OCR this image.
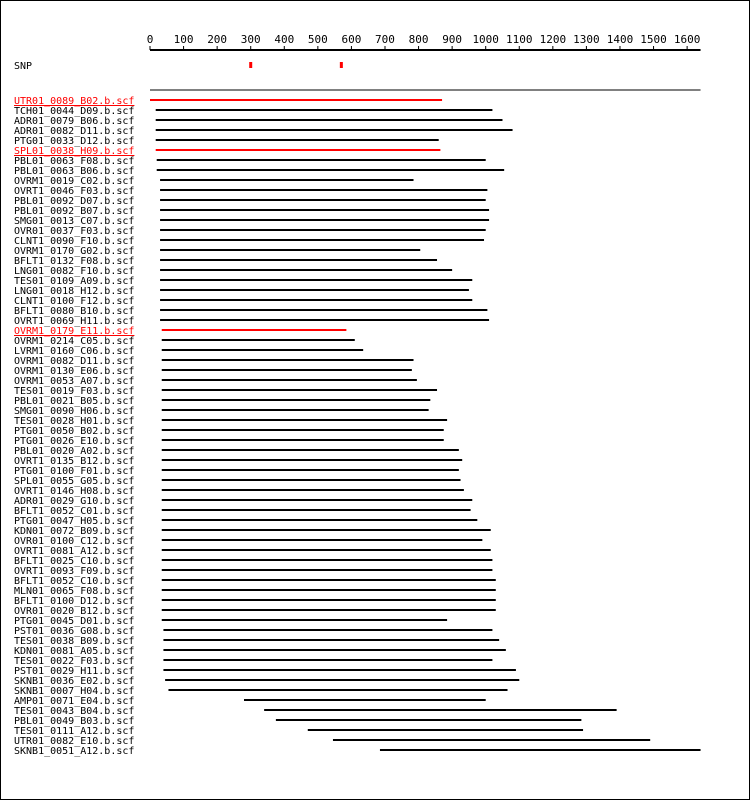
0 100 200 300 400 500 600 700 800 900 1000 1100 1200 1300 1400 1500 1600
SNP
UTR01_0089_B02.b.scf
TCH01_0044_D09.b.scf
ADR01_0079_B06.b.scf
ADR01_0082_D11.b.scf
PTG01_0033_D12.b.scf
SPL01_0038_H09.b.scf
PBL01_0063_F08.b.scf
PBL01_0063_B06.b.scf
OVRM1_0019_C02.b.scf
OVRT1_0046_F03.b.scf
PBL01_0092_D07.b.scf
PBL01_0092_B07.b.scf
SMG01_0013_C07.b.scf
OVR01_0037_F03.b.scf
CLNT1_0090_F10.b.scf
OVRM1_0170_G02.b.scf
BFLT1_0132_F08.b.scf
LNG01_0082_F10.b.scf
TES01_0109_A09.b.scf
LNG01_0018_H12.b.scf
CLNT1_0100_F12.b.scf
BFLT1_0080_B10.b.scf
OVRT1_0069_H11.b.scf
OVRM1_0179_E11.b.scf
OVRM1_0214_C05.b.scf
LVRM1_0160_C06.b.scf
OVRM1_0082_D11.b.scf
OVRM1_0130_E06.b.scf
OVRM1_0053_A07.b.scf
TES01_0019_F03.b.scf
PBL01_0021_B05.b.scf
SMG01_0090_H06.b.scf
TES01_0028_H01.b.scf
PTG01_0050_B02.b.scf
PTG01_0026_E10.b.scf
PBL01_0020_A02.b.scf
OVRT1_0135_B12.b.scf
PTG01_0100_F01.b.scf
SPL01_0055_G05.b.scf
OVRT1_0146_H08.b.scf
ADR01_0029_G10.b.scf
BFLT1_0052_C01.b.scf
PTG01_0047_H05.b.scf
KDN01_0072_B09.b.scf
OVR01_0100_C12.b.scf
OVRT1_0081_A12.b.scf
BFLT1_0025_C10.b.scf
OVRT1_0093_F09.b.scf
BFLT1_0052_C10.b.scf
MLN01_0065_F08.b.scf
BFLT1_0100_D12.b.scf
OVR01_0020_B12.b.scf
PTG01_0045_D01.b.scf
PST01_0036_G08.b.scf
TES01_0038_B09.b.scf
KDN01_0081_A05.b.scf
TES01_0022_F03.b.scf
PST01_0029_H11.b.scf
SKNB1_0036_E02.b.scf
SKNB1_0007_H04.b.scf
AMP01_0071_E04.b.scf
TES01_0043_B04.b.scf
PBL01_0049_B03.b.scf
TES01_0111_A12.b.scf
UTR01_0082_E10.b.scf
SKNB1_0051_A12.b.scf
